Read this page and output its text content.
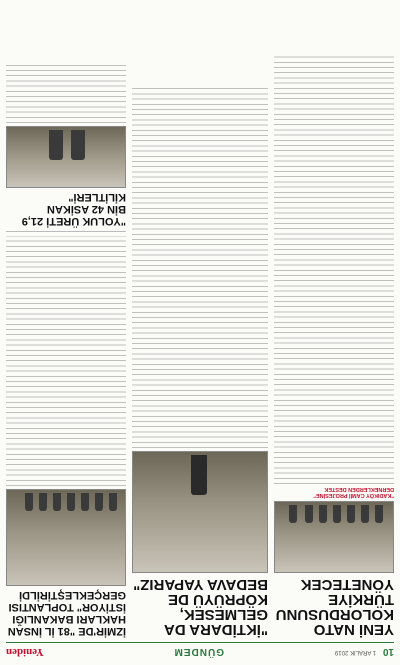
10
1 ARALIK 2019
GÜNDEM
Yeniden
YENİ NATO KOLORDUSUNU TÜRKİYE YÖNETECEK
"KADIKÖY CAMİİ PROJESİNE" DERNEKLERDEN DESTEK
"İKTİDARA DA GELMESEK, KÖPRÜYÜ DE BEDAVA YAPARIZ"
İZMİR'DE "81 İL İNSAN HAKLARI BAKANLIĞI İSTİYOR" TOPLANTISI GERÇEKLEŞTİRİLDİ
"YOLUK ÜRETİ 21,9 BİN 42 ASİKAN KİLİTLERİ"
